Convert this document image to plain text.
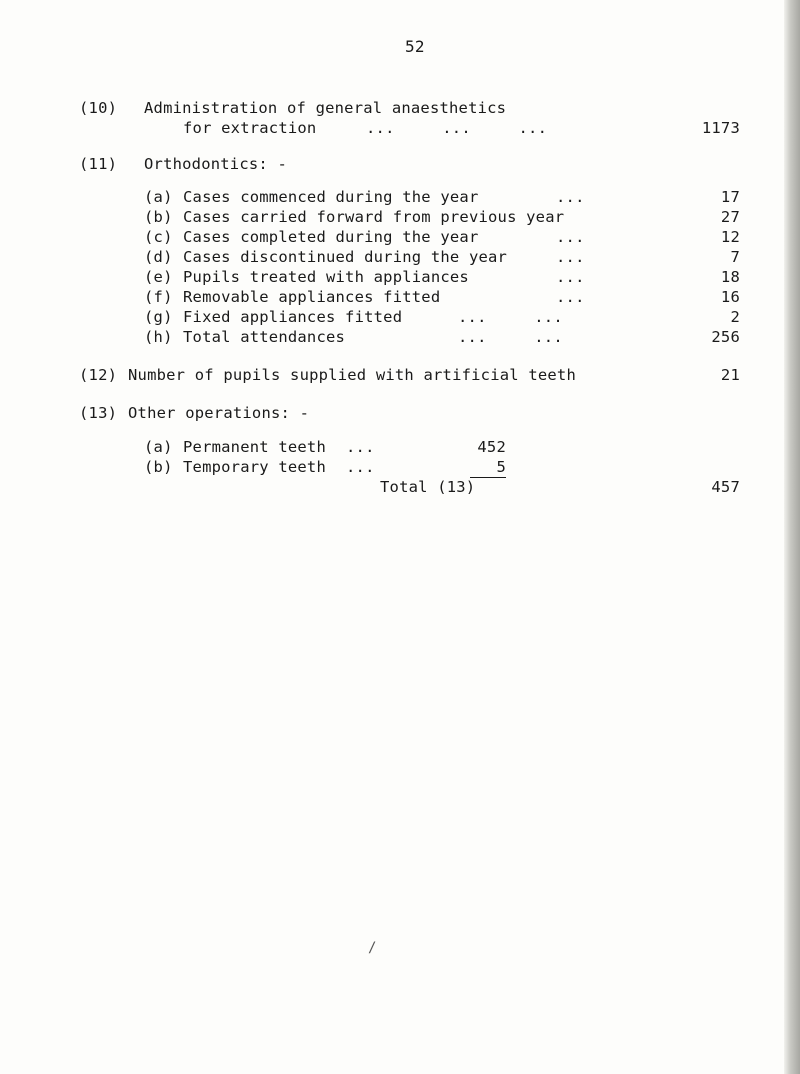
52
(10) Administration of general anaesthetics
for extraction	...     ...     ...	1173
(11) Orthodontics: -
(a) Cases commenced during the year	...	17
(b) Cases carried forward from previous year	27
(c) Cases completed during the year	...	12
(d) Cases discontinued during the year	...	7
(e) Pupils treated with appliances	...	18
(f) Removable appliances fitted	...	16
(g) Fixed appliances fitted	...     ...	2
(h) Total attendances	...     ...	256
(12) Number of pupils supplied with artificial teeth	21
(13) Other operations: -
(a) Permanent teeth ...	452
(b) Temporary teeth ...	5
Total (13)	457
/
